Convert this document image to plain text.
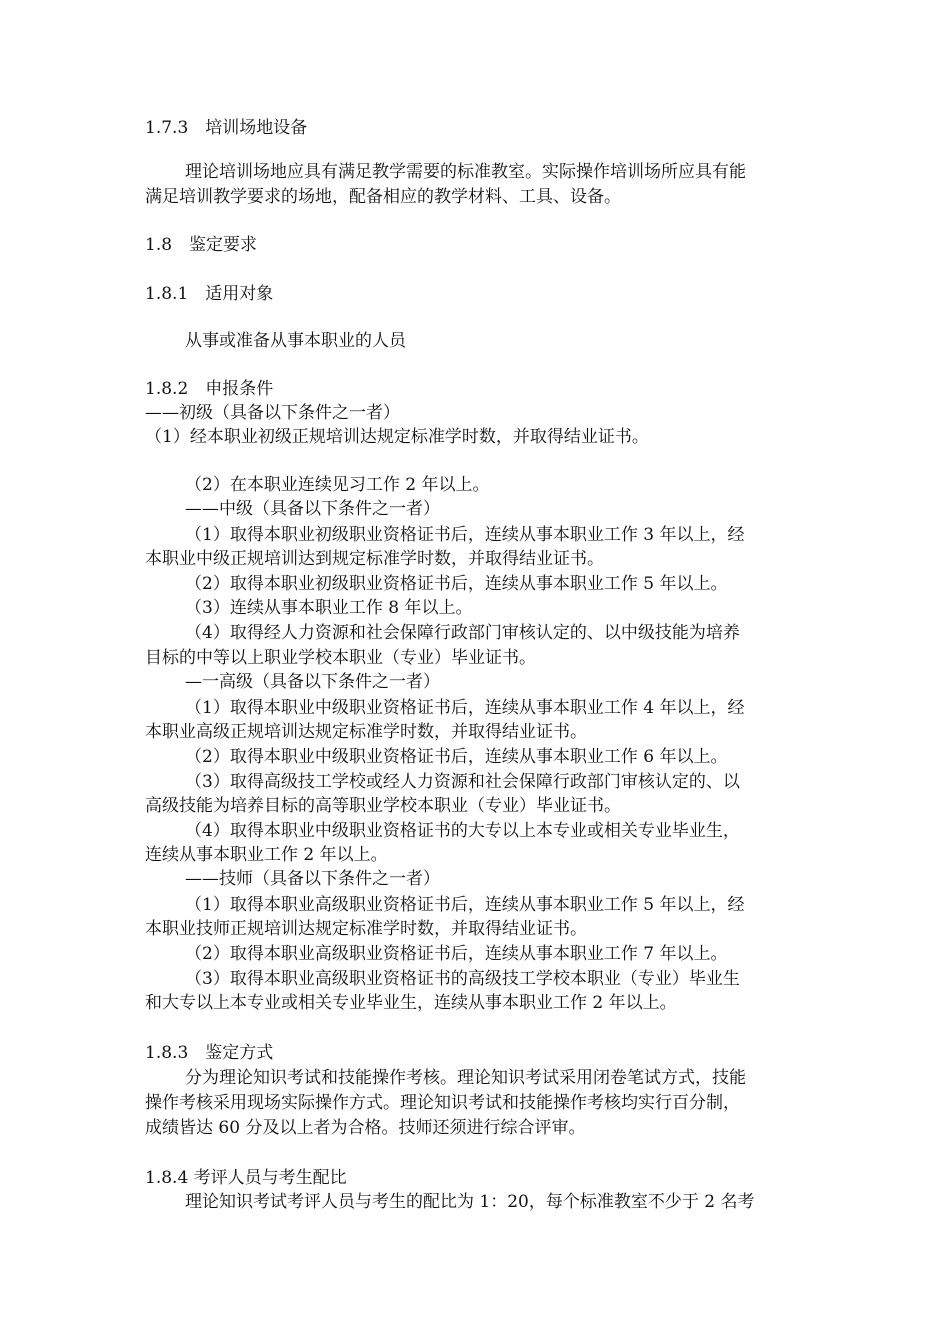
1.7.3　培训场地设备
理论培训场地应具有满足教学需要的标准教室。实际操作培训场所应具有能
满足培训教学要求的场地，配备相应的教学材料、工具、设备。
1.8　鉴定要求
1.8.1　适用对象
从事或准备从事本职业的人员
1.8.2　申报条件
——初级（具备以下条件之一者）
（1）经本职业初级正规培训达规定标准学时数，并取得结业证书。
（2）在本职业连续见习工作 2 年以上。
——中级（具备以下条件之一者）
（1）取得本职业初级职业资格证书后，连续从事本职业工作 3 年以上，经
本职业中级正规培训达到规定标准学时数，并取得结业证书。
（2）取得本职业初级职业资格证书后，连续从事本职业工作 5 年以上。
（3）连续从事本职业工作 8 年以上。
（4）取得经人力资源和社会保障行政部门审核认定的、以中级技能为培养
目标的中等以上职业学校本职业（专业）毕业证书。
—一高级（具备以下条件之一者）
（1）取得本职业中级职业资格证书后，连续从事本职业工作 4 年以上，经
本职业高级正规培训达规定标准学时数，并取得结业证书。
（2）取得本职业中级职业资格证书后，连续从事本职业工作 6 年以上。
（3）取得高级技工学校或经人力资源和社会保障行政部门审核认定的、以
高级技能为培养目标的高等职业学校本职业（专业）毕业证书。
（4）取得本职业中级职业资格证书的大专以上本专业或相关专业毕业生，
连续从事本职业工作 2 年以上。
——技师（具备以下条件之一者）
（1）取得本职业高级职业资格证书后，连续从事本职业工作 5 年以上，经
本职业技师正规培训达规定标准学时数，并取得结业证书。
（2）取得本职业高级职业资格证书后，连续从事本职业工作 7 年以上。
（3）取得本职业高级职业资格证书的高级技工学校本职业（专业）毕业生
和大专以上本专业或相关专业毕业生，连续从事本职业工作 2 年以上。
1.8.3　鉴定方式
分为理论知识考试和技能操作考核。理论知识考试采用闭卷笔试方式，技能
操作考核采用现场实际操作方式。理论知识考试和技能操作考核均实行百分制，
成绩皆达 60 分及以上者为合格。技师还须进行综合评审。
1.8.4 考评人员与考生配比
理论知识考试考评人员与考生的配比为 1：20，每个标准教室不少于 2 名考
